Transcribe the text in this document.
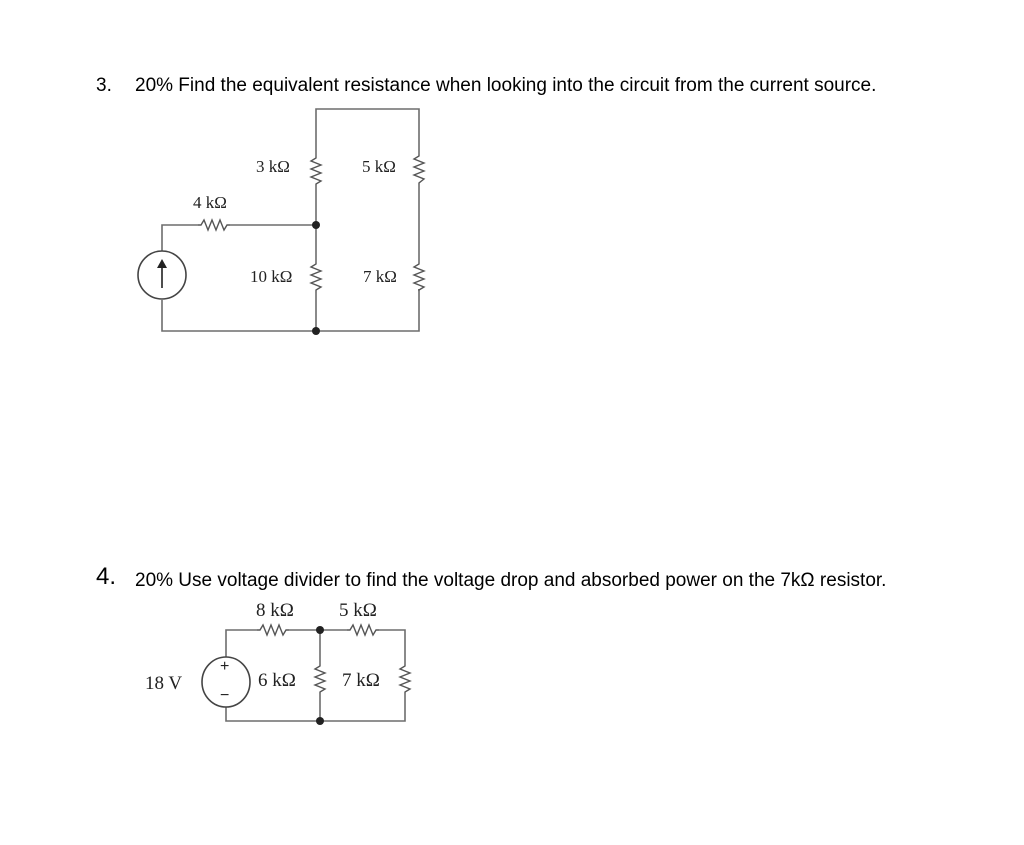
3. 20% Find the equivalent resistance when looking into the circuit from the current source.
3 kΩ	5 kΩ
4 kΩ
10 kΩ	7 kΩ
4. 20% Use voltage divider to find the voltage drop and absorbed power on the 7kΩ resistor.
+
−
18 V
8 kΩ 5 kΩ
6 kΩ 7 kΩ
